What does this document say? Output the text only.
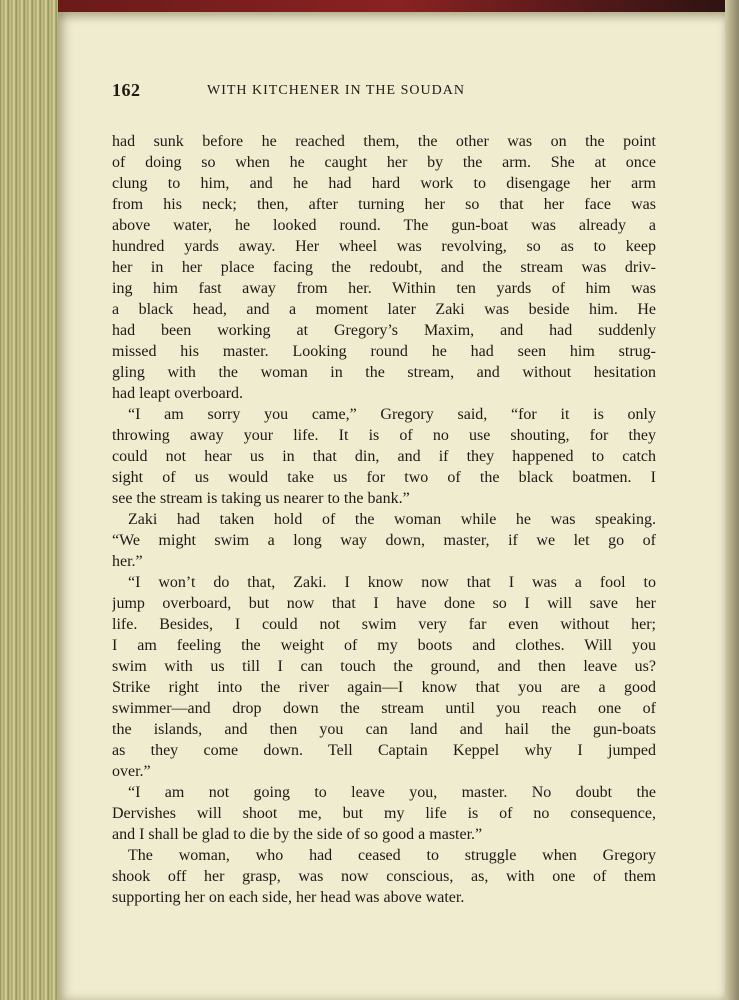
162	WITH KITCHENER IN THE SOUDAN
had sunk before he reached them, the other was on the point
of doing so when he caught her by the arm. She at once
clung to him, and he had hard work to disengage her arm
from his neck; then, after turning her so that her face was
above water, he looked round. The gun-boat was already a
hundred yards away. Her wheel was revolving, so as to keep
her in her place facing the redoubt, and the stream was driv-
ing him fast away from her. Within ten yards of him was
a black head, and a moment later Zaki was beside him. He
had been working at Gregory’s Maxim, and had suddenly
missed his master. Looking round he had seen him strug-
gling with the woman in the stream, and without hesitation
had leapt overboard.
“I am sorry you came,” Gregory said, “for it is only
throwing away your life. It is of no use shouting, for they
could not hear us in that din, and if they happened to catch
sight of us would take us for two of the black boatmen. I
see the stream is taking us nearer to the bank.”
Zaki had taken hold of the woman while he was speaking.
“We might swim a long way down, master, if we let go of
her.”
“I won’t do that, Zaki. I know now that I was a fool to
jump overboard, but now that I have done so I will save her
life. Besides, I could not swim very far even without her;
I am feeling the weight of my boots and clothes. Will you
swim with us till I can touch the ground, and then leave us?
Strike right into the river again—I know that you are a good
swimmer—and drop down the stream until you reach one of
the islands, and then you can land and hail the gun-boats
as they come down. Tell Captain Keppel why I jumped
over.”
“I am not going to leave you, master. No doubt the
Dervishes will shoot me, but my life is of no consequence,
and I shall be glad to die by the side of so good a master.”
The woman, who had ceased to struggle when Gregory
shook off her grasp, was now conscious, as, with one of them
supporting her on each side, her head was above water.
